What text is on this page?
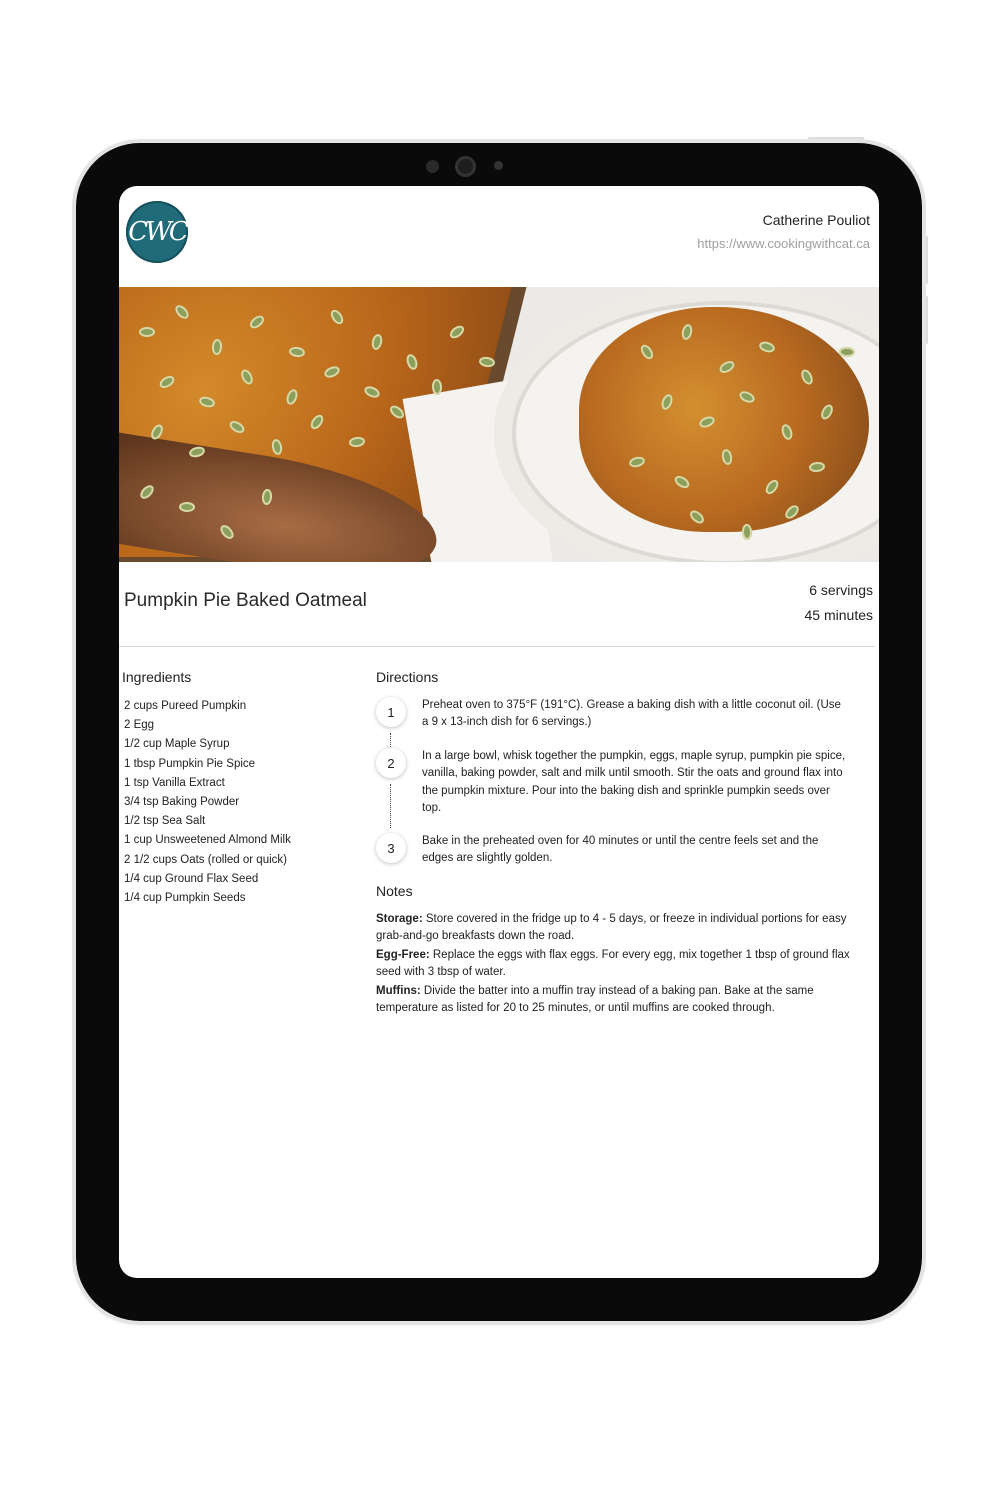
CWC	Catherine Pouliot
https://www.cookingwithcat.ca
Pumpkin Pie Baked Oatmeal	6 servings
45 minutes
Ingredients
2 cups Pureed Pumpkin
2 Egg
1/2 cup Maple Syrup
1 tbsp Pumpkin Pie Spice
1 tsp Vanilla Extract
3/4 tsp Baking Powder
1/2 tsp Sea Salt
1 cup Unsweetened Almond Milk
2 1/2 cups Oats (rolled or quick)
1/4 cup Ground Flax Seed
1/4 cup Pumpkin Seeds
Directions
1	Preheat oven to 375°F (191°C). Grease a baking dish with a little coconut oil. (Use a 9 x 13-inch dish for 6 servings.)
2	In a large bowl, whisk together the pumpkin, eggs, maple syrup, pumpkin pie spice, vanilla, baking powder, salt and milk until smooth. Stir the oats and ground flax into the pumpkin mixture. Pour into the baking dish and sprinkle pumpkin seeds over top.
3	Bake in the preheated oven for 40 minutes or until the centre feels set and the edges are slightly golden.
Notes
Storage: Store covered in the fridge up to 4 - 5 days, or freeze in individual portions for easy grab-and-go breakfasts down the road.
Egg-Free: Replace the eggs with flax eggs. For every egg, mix together 1 tbsp of ground flax seed with 3 tbsp of water.
Muffins: Divide the batter into a muffin tray instead of a baking pan. Bake at the same temperature as listed for 20 to 25 minutes, or until muffins are cooked through.
